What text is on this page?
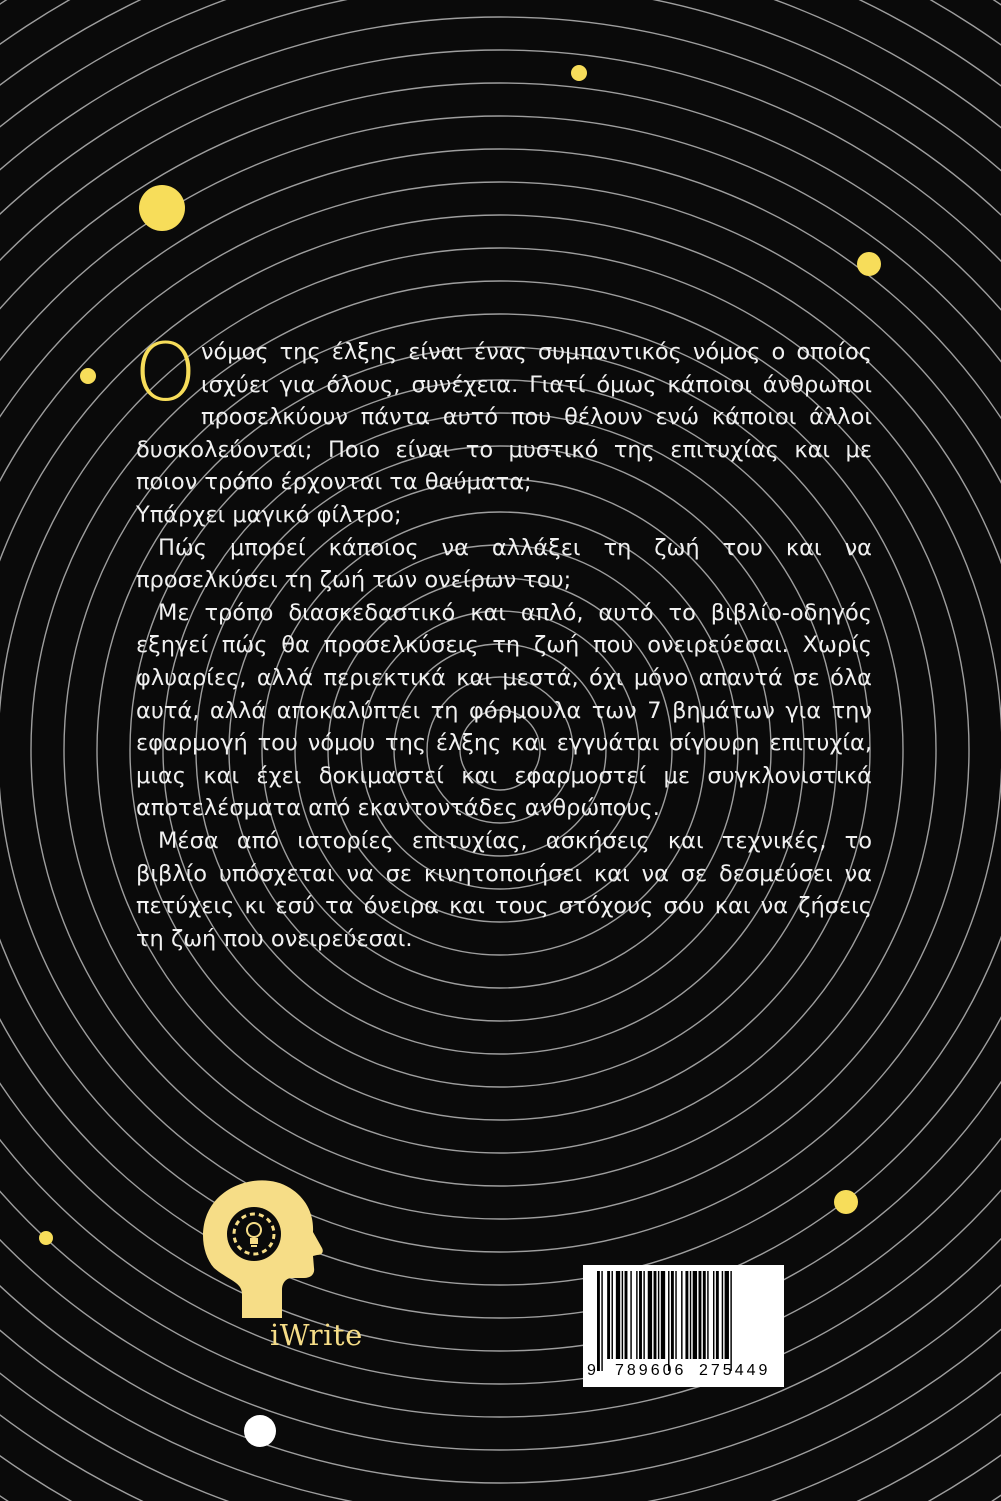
Ο νόμος της έλξης είναι ένας συμπαντικός νόμος ο οποίος ισχύει για όλους, συνέχεια. Γιατί όμως κάποιοι άνθρωποι προσελκύουν πάντα αυτό που θέλουν ενώ κάποιοι άλλοι δυσκολεύονται; Ποιο είναι το μυστικό της επιτυχίας και με ποιον τρόπο έρχονται τα θαύματα;

Υπάρχει μαγικό φίλτρο;

Πώς μπορεί κάποιος να αλλάξει τη ζωή του και να προσελκύσει τη ζωή των ονείρων του;

Με τρόπο διασκεδαστικό και απλό, αυτό το βιβλίο-οδηγός εξηγεί πώς θα προσελκύσεις τη ζωή που ονειρεύεσαι. Χωρίς φλυαρίες, αλλά περιεκτικά και μεστά, όχι μόνο απαντά σε όλα αυτά, αλλά αποκαλύπτει τη φόρμουλα των 7 βημάτων για την εφαρμογή του νόμου της έλξης και εγγυάται σίγουρη επιτυχία, μιας και έχει δοκιμαστεί και εφαρμοστεί με συγκλονιστικά αποτελέσματα από εκαντοντάδες ανθρώπους.

Μέσα από ιστορίες επιτυχίας, ασκήσεις και τεχνικές, το βιβλίο υπόσχεται να σε κινητοποιήσει και να σε δεσμεύσει να πετύχεις κι εσύ τα όνειρα και τους στόχους σου και να ζήσεις τη ζωή που ονειρεύεσαι.

iWrite
9 789606 275449
